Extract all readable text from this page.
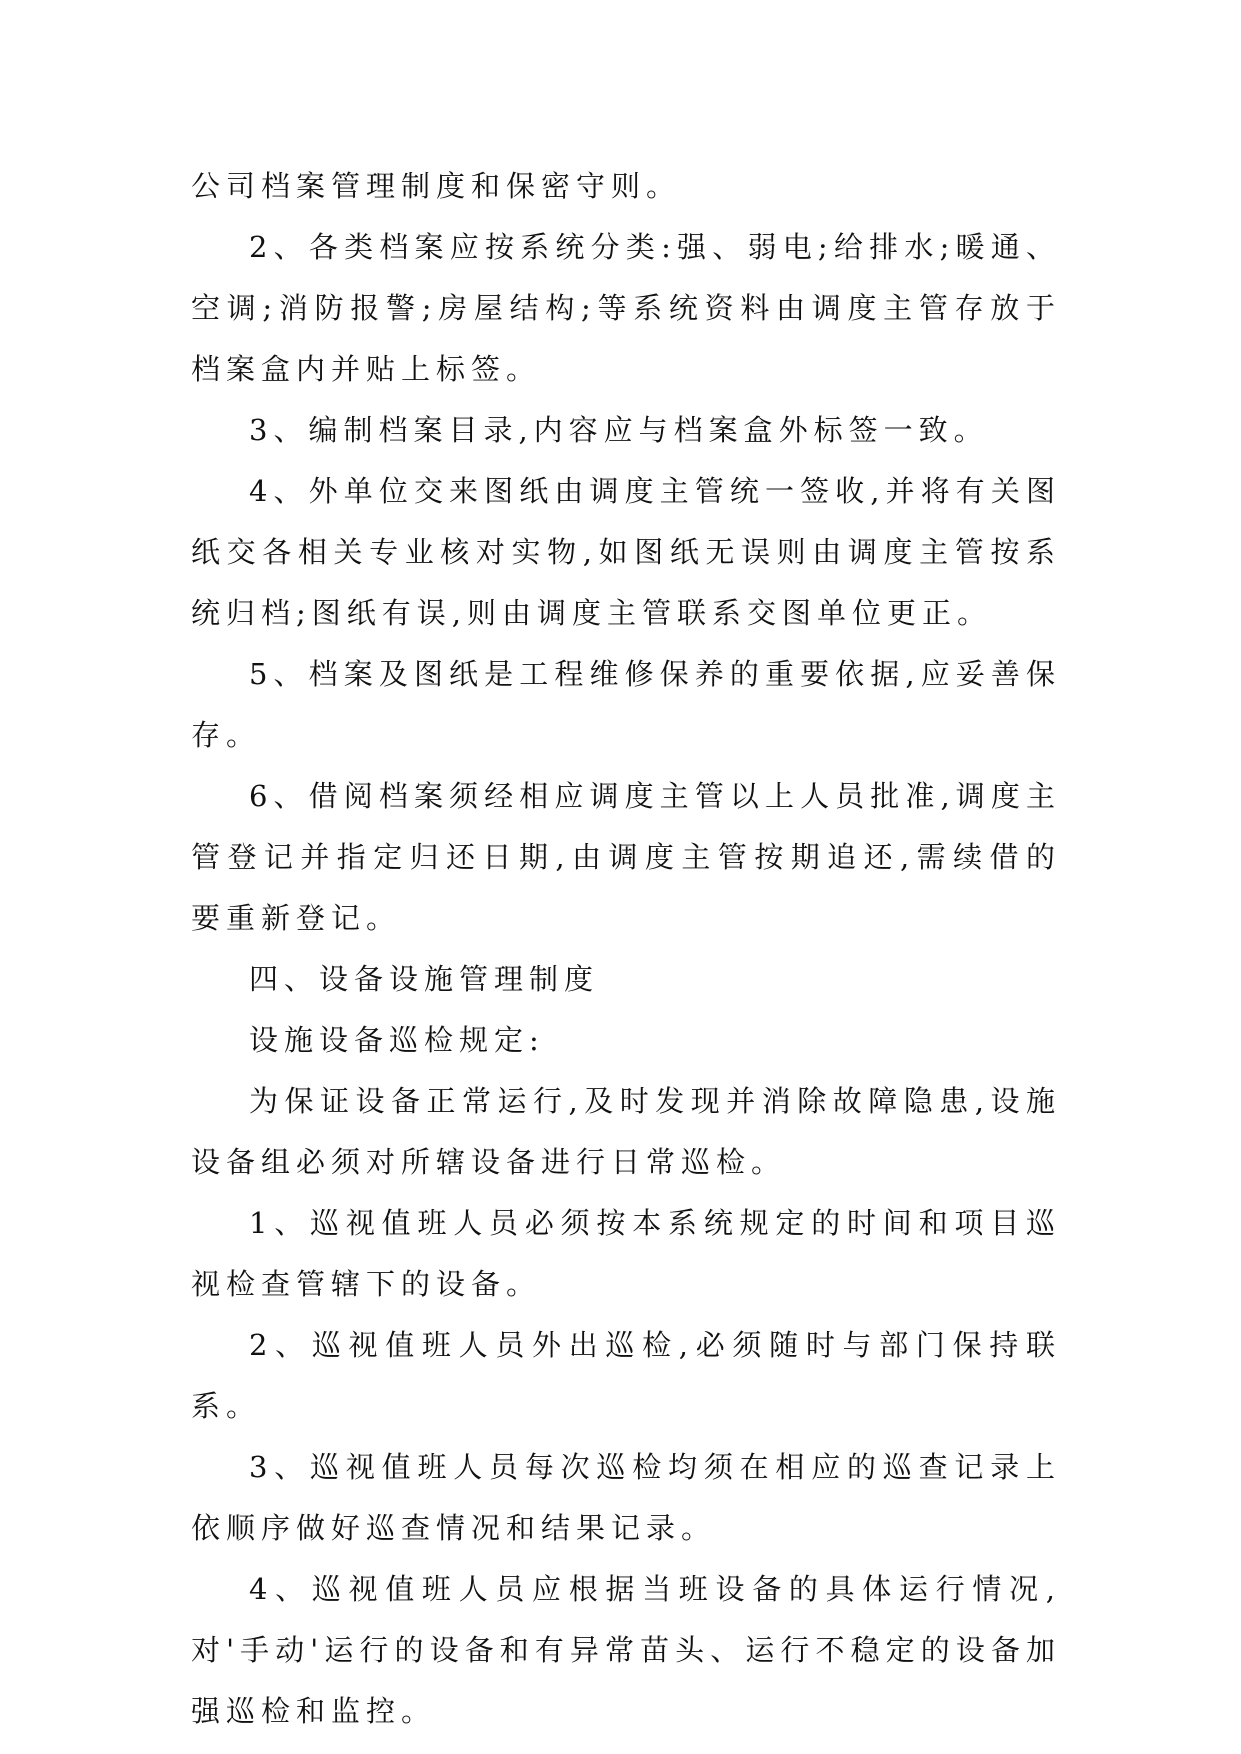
公司档案管理制度和保密守则。

2、各类档案应按系统分类:强、弱电;给排水;暖通、空调;消防报警;房屋结构;等系统资料由调度主管存放于档案盒内并贴上标签。

3、编制档案目录,内容应与档案盒外标签一致。

4、外单位交来图纸由调度主管统一签收,并将有关图纸交各相关专业核对实物,如图纸无误则由调度主管按系统归档;图纸有误,则由调度主管联系交图单位更正。

5、档案及图纸是工程维修保养的重要依据,应妥善保存。

6、借阅档案须经相应调度主管以上人员批准,调度主管登记并指定归还日期,由调度主管按期追还,需续借的要重新登记。

四、设备设施管理制度

设施设备巡检规定:

为保证设备正常运行,及时发现并消除故障隐患,设施设备组必须对所辖设备进行日常巡检。

1、巡视值班人员必须按本系统规定的时间和项目巡视检查管辖下的设备。

2、巡视值班人员外出巡检,必须随时与部门保持联系。

3、巡视值班人员每次巡检均须在相应的巡查记录上依顺序做好巡查情况和结果记录。

4、巡视值班人员应根据当班设备的具体运行情况,对'手动'运行的设备和有异常苗头、运行不稳定的设备加强巡检和监控。
